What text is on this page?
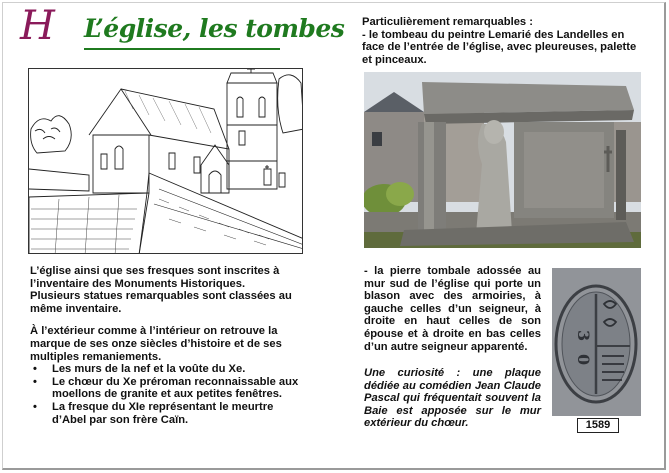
H L’église, les tombes

L’église ainsi que ses fresques sont inscrites à l’inventaire des Monuments Historiques.

Plusieurs statues remarquables sont classées au même inventaire.

À l’extérieur comme à l’intérieur on retrouve la marque de ses onze siècles d’histoire et de ses multiples remaniements.

• Les murs de la nef et la voûte du Xe.
• Le chœur du Xe préroman reconnaissable aux moellons de granite et aux petites fenêtres.
• La fresque du XIe représentant le meurtre d’Abel par son frère Caïn.

Particulièrement remarquables :

- le tombeau du peintre Lemarié des Landelles en face de l’entrée de l’église, avec pleureuses, palette et pinceaux.

- la pierre tombale adossée au mur sud de l’église qui porte un blason avec des armoiries, à gauche celles d’un seigneur, à droite en haut celles de son épouse et à droite en bas celles d’un autre seigneur apparenté.
Une curiosité : une plaque dédiée au comédien Jean Claude Pascal qui fréquentait souvent la Baie est apposée sur le mur extérieur du chœur.
3
0
1589
